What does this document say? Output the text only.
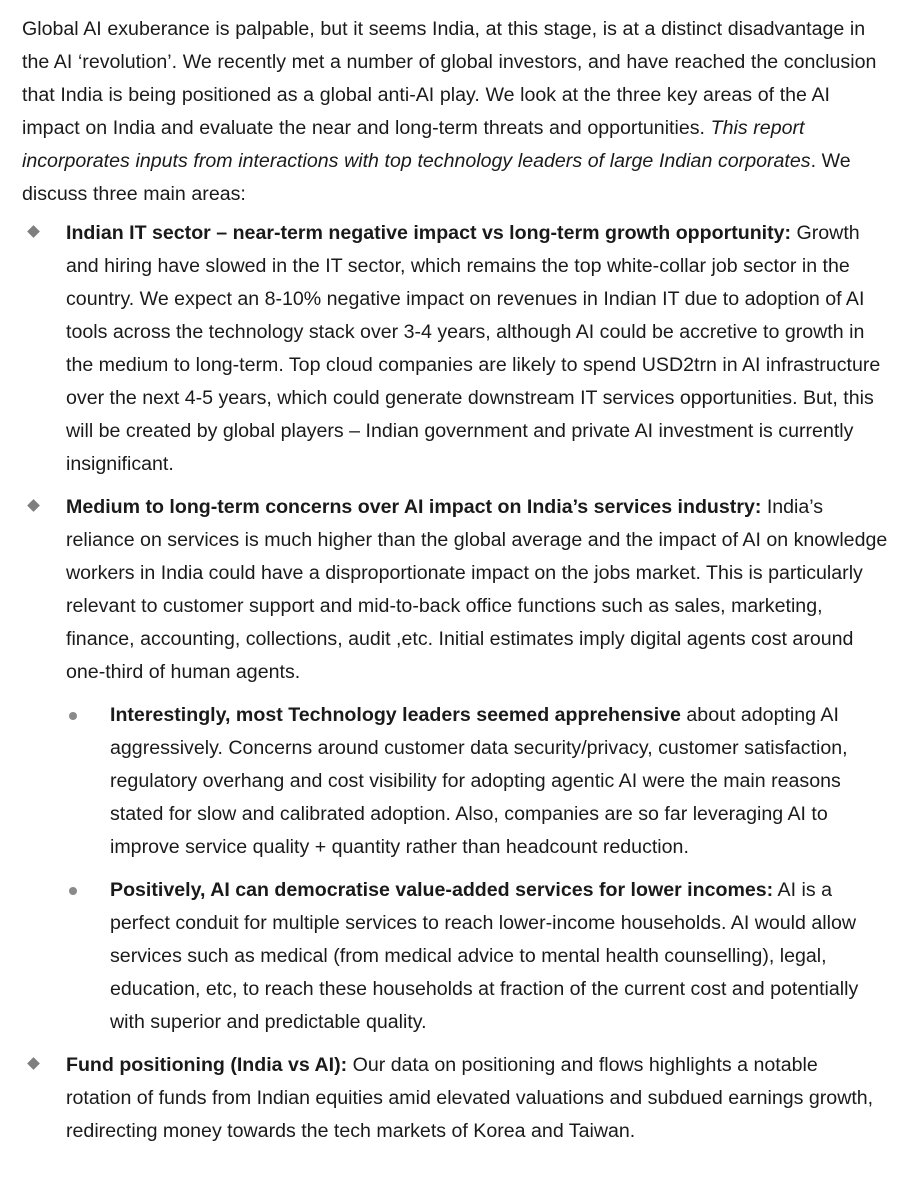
Global AI exuberance is palpable, but it seems India, at this stage, is at a distinct disadvantage in the AI ‘revolution’. We recently met a number of global investors, and have reached the conclusion that India is being positioned as a global anti-AI play. We look at the three key areas of the AI impact on India and evaluate the near and long-term threats and opportunities. This report incorporates inputs from interactions with top technology leaders of large Indian corporates. We discuss three main areas:

Indian IT sector – near-term negative impact vs long-term growth opportunity: Growth and hiring have slowed in the IT sector, which remains the top white-collar job sector in the country. We expect an 8-10% negative impact on revenues in Indian IT due to adoption of AI tools across the technology stack over 3-4 years, although AI could be accretive to growth in the medium to long-term. Top cloud companies are likely to spend USD2trn in AI infrastructure over the next 4-5 years, which could generate downstream IT services opportunities. But, this will be created by global players – Indian government and private AI investment is currently insignificant.
Medium to long-term concerns over AI impact on India’s services industry: India’s reliance on services is much higher than the global average and the impact of AI on knowledge workers in India could have a disproportionate impact on the jobs market. This is particularly relevant to customer support and mid-to-back office functions such as sales, marketing, finance, accounting, collections, audit ,etc. Initial estimates imply digital agents cost around one-third of human agents.
Interestingly, most Technology leaders seemed apprehensive about adopting AI aggressively. Concerns around customer data security/privacy, customer satisfaction, regulatory overhang and cost visibility for adopting agentic AI were the main reasons stated for slow and calibrated adoption. Also, companies are so far leveraging AI to improve service quality + quantity rather than headcount reduction.
Positively, AI can democratise value-added services for lower incomes: AI is a perfect conduit for multiple services to reach lower-income households. AI would allow services such as medical (from medical advice to mental health counselling), legal, education, etc, to reach these households at fraction of the current cost and potentially with superior and predictable quality.
Fund positioning (India vs AI): Our data on positioning and flows highlights a notable rotation of funds from Indian equities amid elevated valuations and subdued earnings growth, redirecting money towards the tech markets of Korea and Taiwan.
